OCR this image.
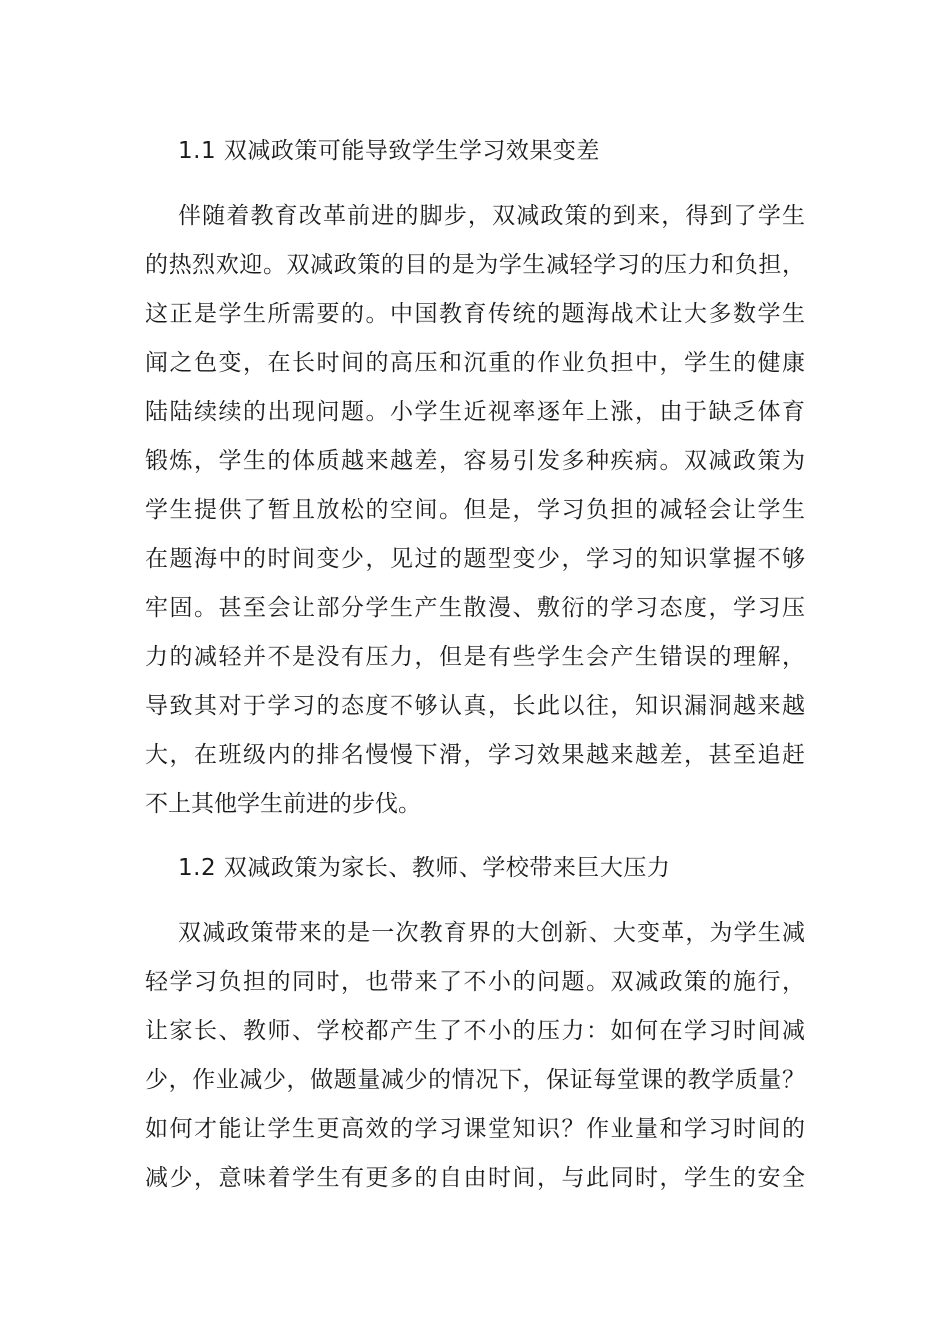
1.1 双减政策可能导致学生学习效果变差
伴随着教育改革前进的脚步，双减政策的到来，得到了学生
的热烈欢迎。双减政策的目的是为学生减轻学习的压力和负担，
这正是学生所需要的。中国教育传统的题海战术让大多数学生
闻之色变，在长时间的高压和沉重的作业负担中，学生的健康
陆陆续续的出现问题。小学生近视率逐年上涨，由于缺乏体育
锻炼，学生的体质越来越差，容易引发多种疾病。双减政策为
学生提供了暂且放松的空间。但是，学习负担的减轻会让学生
在题海中的时间变少，见过的题型变少，学习的知识掌握不够
牢固。甚至会让部分学生产生散漫、敷衍的学习态度，学习压
力的减轻并不是没有压力，但是有些学生会产生错误的理解，
导致其对于学习的态度不够认真，长此以往，知识漏洞越来越
大，在班级内的排名慢慢下滑，学习效果越来越差，甚至追赶
不上其他学生前进的步伐。
1.2 双减政策为家长、教师、学校带来巨大压力
双减政策带来的是一次教育界的大创新、大变革，为学生减
轻学习负担的同时，也带来了不小的问题。双减政策的施行，
让家长、教师、学校都产生了不小的压力：如何在学习时间减
少，作业减少，做题量减少的情况下，保证每堂课的教学质量？
如何才能让学生更高效的学习课堂知识？作业量和学习时间的
减少，意味着学生有更多的自由时间，与此同时，学生的安全
